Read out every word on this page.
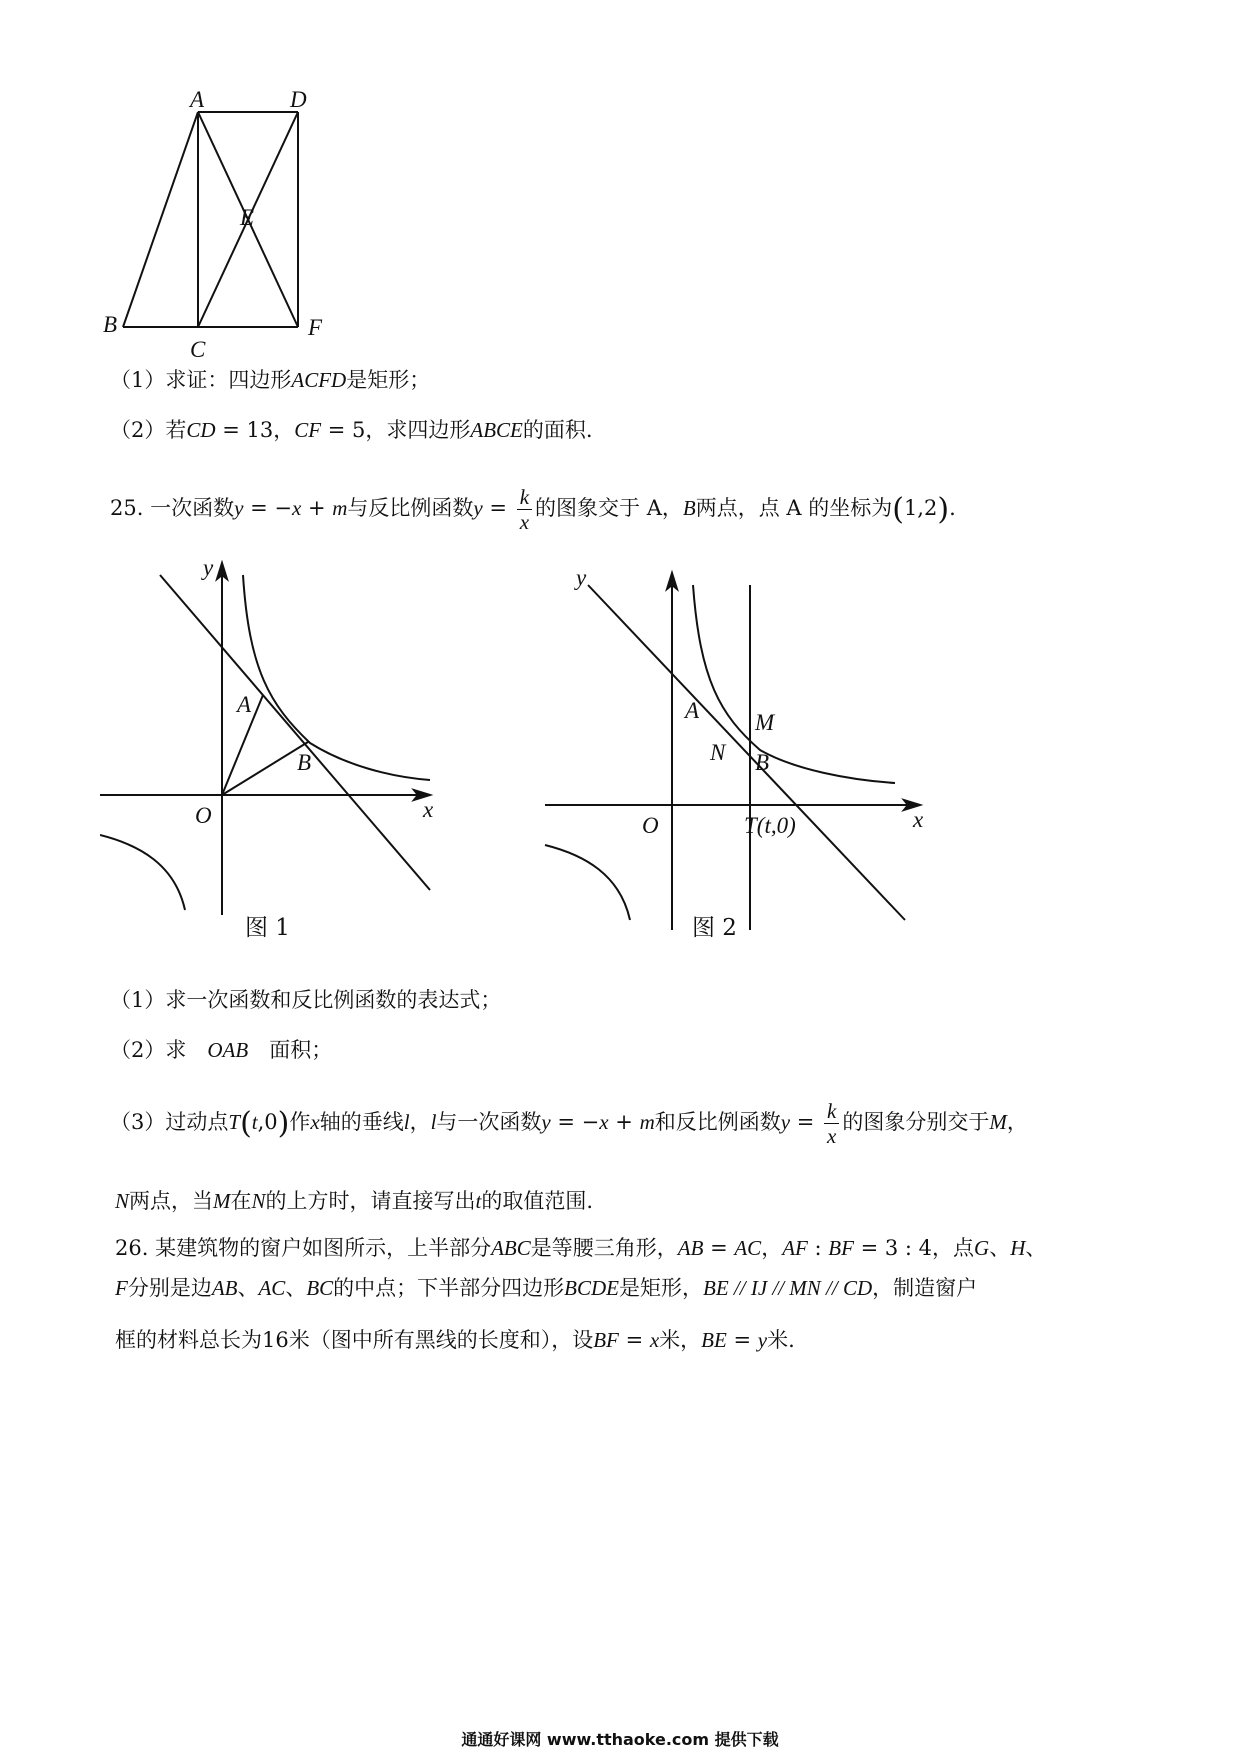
A	D
E
B
C
F
（1）求证：四边形ACFD是矩形；
（2）若CD = 13，CF = 5，求四边形ABCE的面积.
25. 一次函数y = −x + m与反比例函数$y = \frac{k}{x}$ 的图象交于 A，B两点，点 A 的坐标为(1,2).
y
x
O
A
B
图 1
y
x
O
A M
N B
T(t,0)
图 2
（1）求一次函数和反比例函数的表达式；
（2）求  OAB  面积；
（3）过动点T(t,0)作x轴的垂线l，l与一次函数y = −x + m和反比例函数$y = \frac{k}{x}$ 的图象分别交于M，
N两点，当M在N的上方时，请直接写出t的取值范围.
26. 某建筑物的窗户如图所示，上半部分ABC是等腰三角形，AB = AC，AF : BF = 3 : 4，点G、H、
F分别是边AB、AC、BC的中点；下半部分四边形BCDE是矩形，BE // IJ // MN // CD，制造窗户
框的材料总长为16米（图中所有黑线的长度和），设BF = x米，BE = y米.
通通好课网 www.tthaoke.com 提供下载
